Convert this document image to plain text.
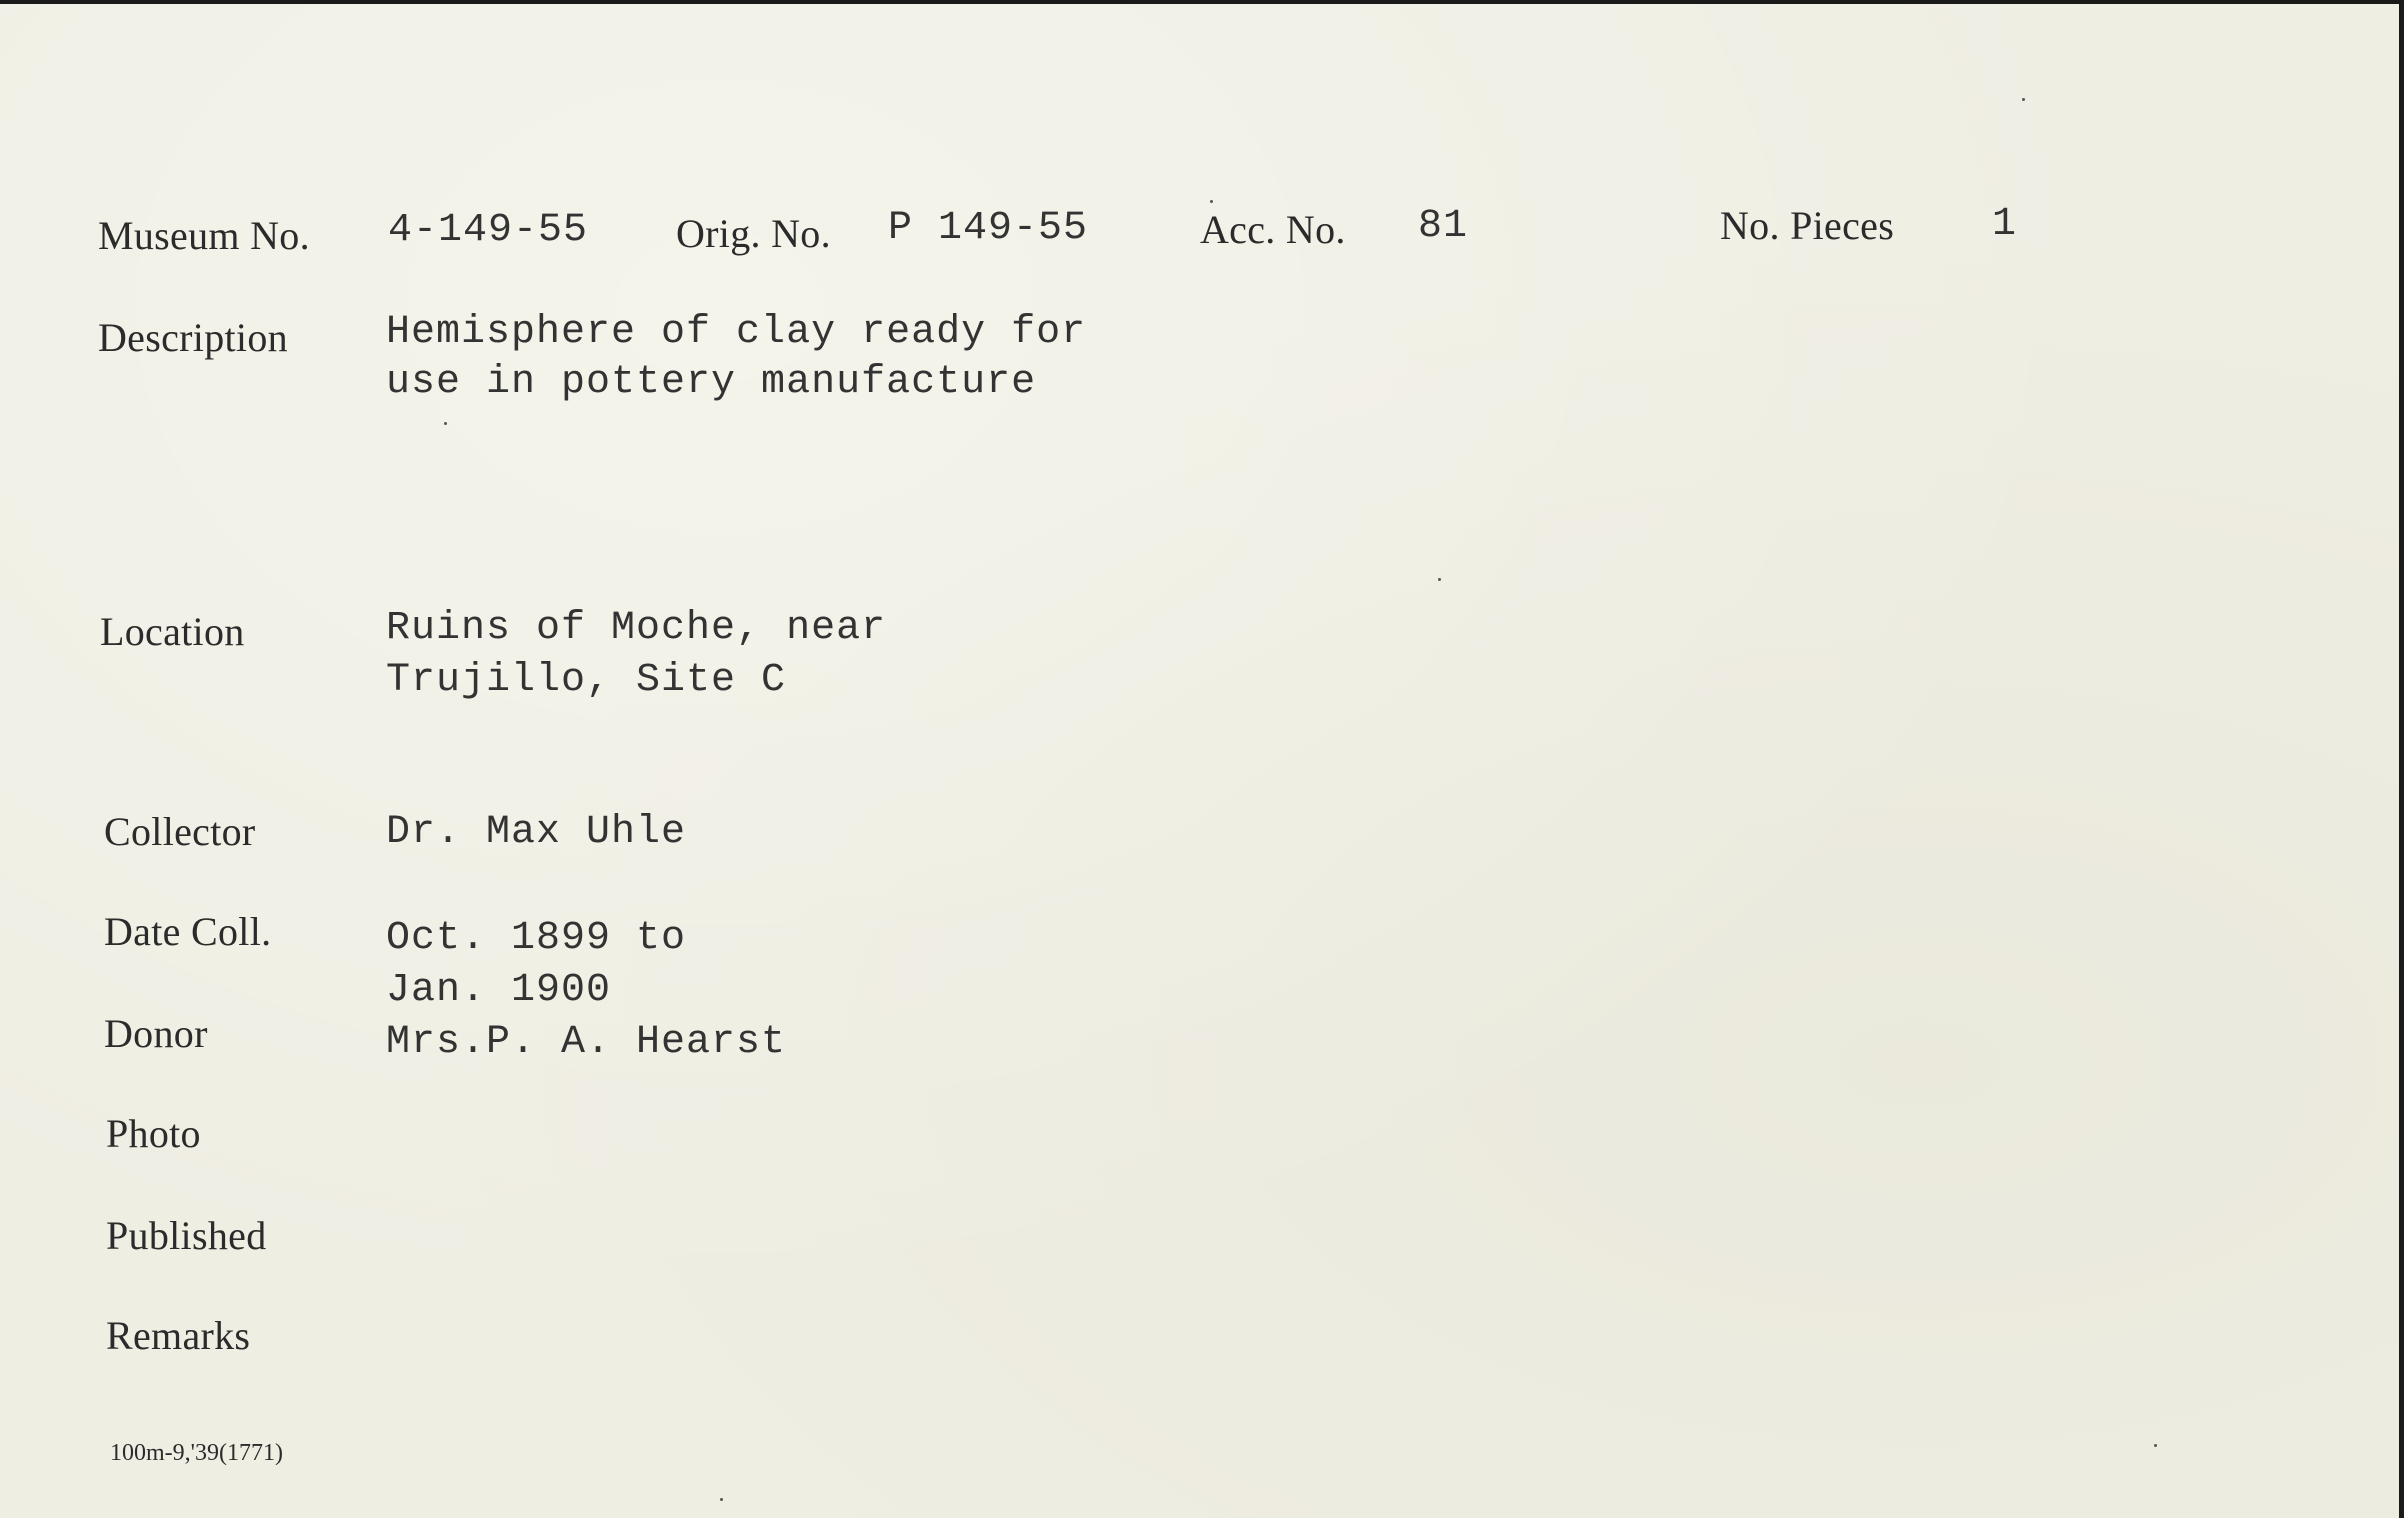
Museum No. 4-149-55 Orig. No. P 149-55	Acc. No. 81	No. Pieces 1
Description Hemisphere of clay ready for
use in pottery manufacture
Location	Ruins of Moche, near
Trujillo, Site C
Collector	Dr. Max Uhle
Date Coll.	Oct. 1899 to
Jan. 1900
Donor	Mrs.P. A. Hearst
Photo
Published
Remarks
100m-9,'39(1771)
